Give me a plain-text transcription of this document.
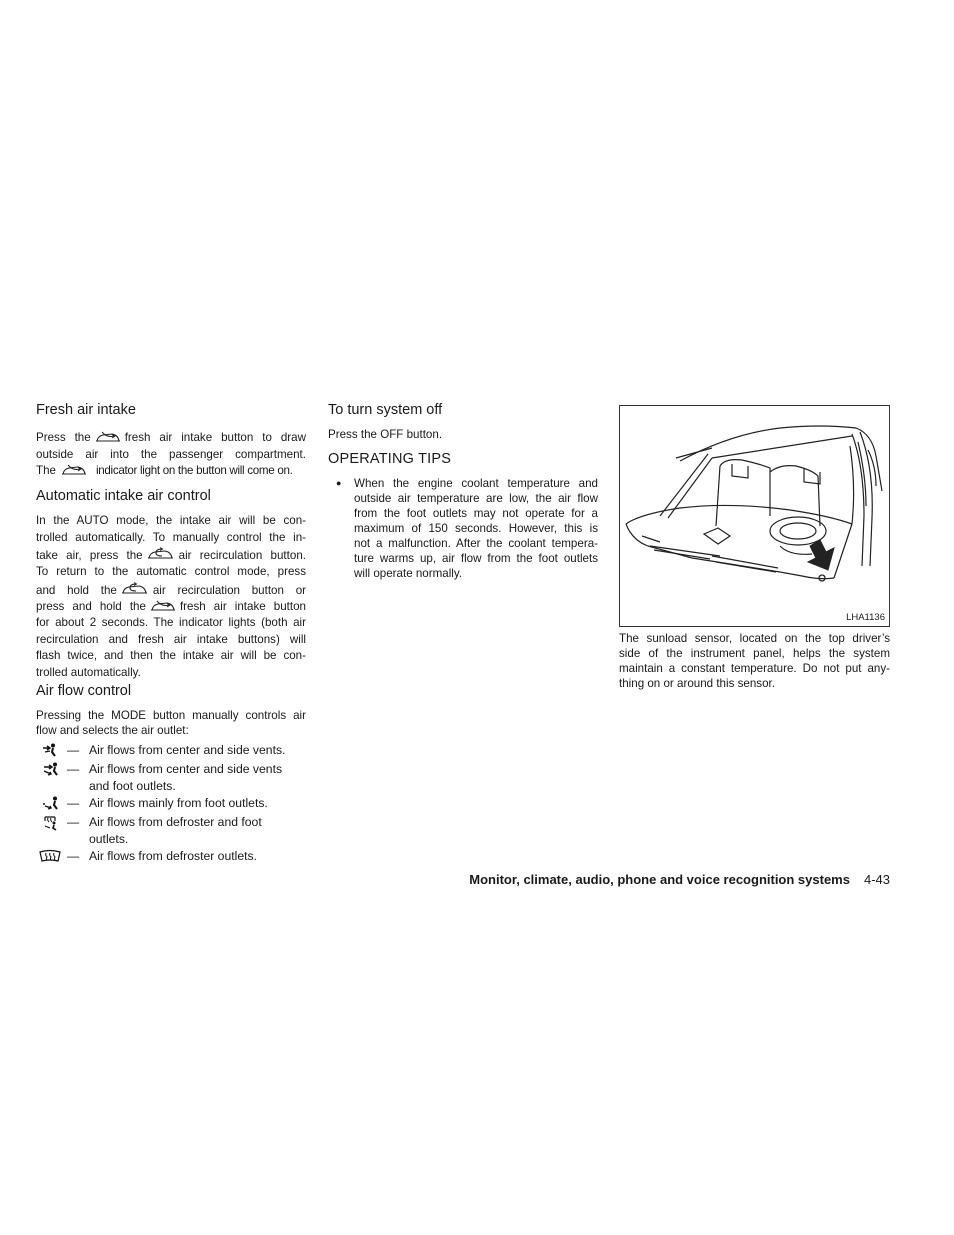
Fresh air intake
Press the	fresh air intake button to draw
outside air into the passenger compartment.
The	indicator light on the button will come on.
Automatic intake air control
In the AUTO mode, the intake air will be con-
trolled automatically. To manually control the in-
take air, press the	air recirculation button.
To return to the automatic control mode, press
and hold the	air recirculation button or
press and hold the	fresh air intake button
for about 2 seconds. The indicator lights (both air
recirculation and fresh air intake buttons) will
flash twice, and then the intake air will be con-
trolled automatically.
Air flow control
Pressing the MODE button manually controls air
flow and selects the air outlet:
— Air flows from center and side vents.
— Air flows from center and side vents
and foot outlets.
— Air flows mainly from foot outlets.
— Air flows from defroster and foot
outlets.
— Air flows from defroster outlets.
To turn system off
Press the OFF button.
OPERATING TIPS
● When the engine coolant temperature and
outside air temperature are low, the air flow
from the foot outlets may not operate for a
maximum of 150 seconds. However, this is
not a malfunction. After the coolant tempera-
ture warms up, air flow from the foot outlets
will operate normally.
LHA1136
The sunload sensor, located on the top driver’s
side of the instrument panel, helps the system
maintain a constant temperature. Do not put any-
thing on or around this sensor.
Monitor, climate, audio, phone and voice recognition systems 4-43
